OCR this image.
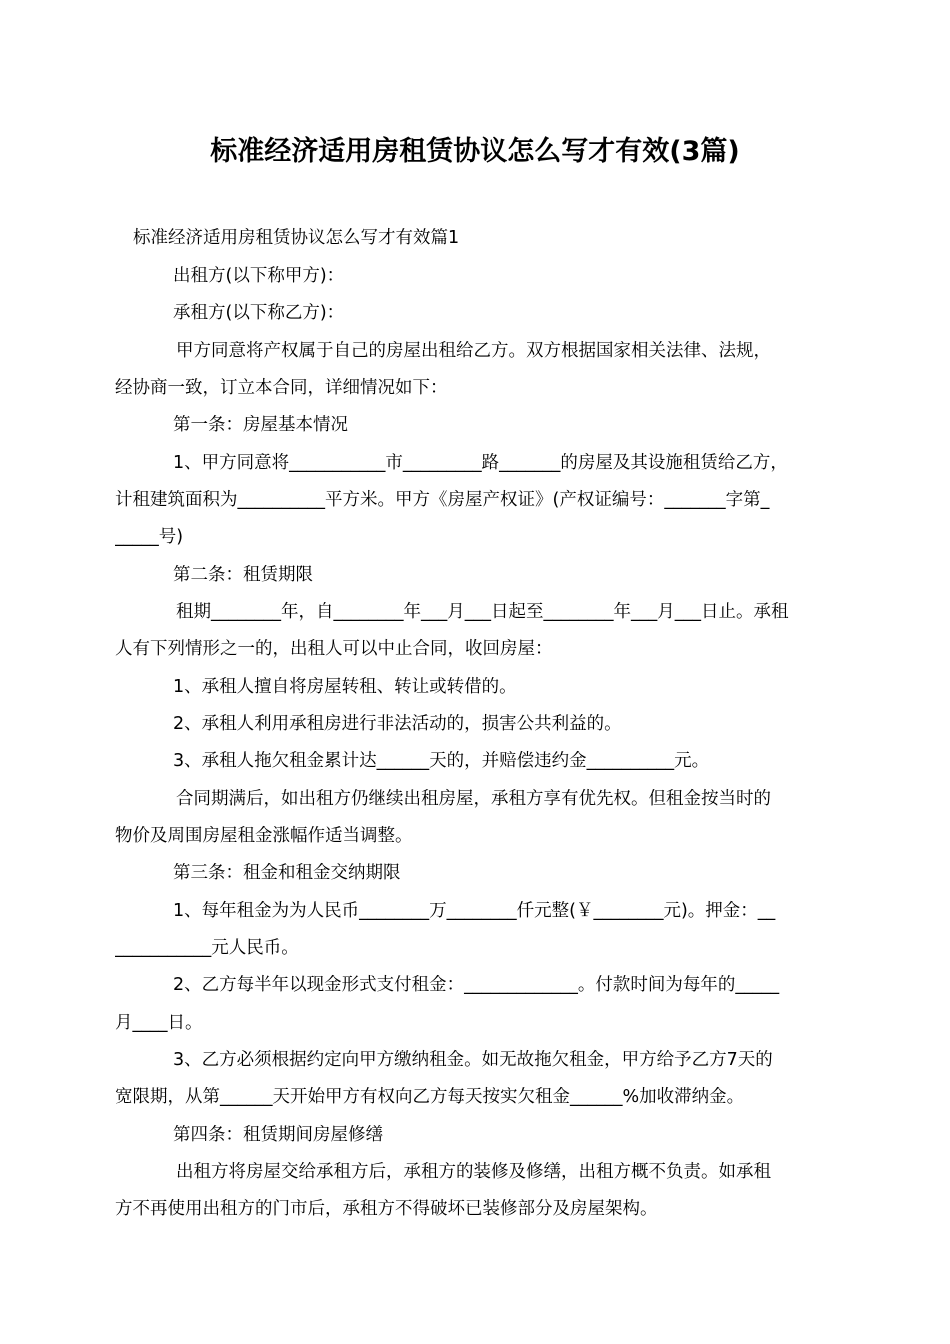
标准经济适用房租赁协议怎么写才有效(3篇)
标准经济适用房租赁协议怎么写才有效篇1
出租方(以下称甲方)：
承租方(以下称乙方)：
甲方同意将产权属于自己的房屋出租给乙方。双方根据国家相关法律、法规，
经协商一致，订立本合同，详细情况如下：
第一条：房屋基本情况
1、甲方同意将___________市_________路_______的房屋及其设施租赁给乙方，
计租建筑面积为__________平方米。甲方《房屋产权证》(产权证编号：_______字第_
_____号)
第二条：租赁期限
租期________年，自________年___月___日起至________年___月___日止。承租
人有下列情形之一的，出租人可以中止合同，收回房屋：
1、承租人擅自将房屋转租、转让或转借的。
2、承租人利用承租房进行非法活动的，损害公共利益的。
3、承租人拖欠租金累计达______天的，并赔偿违约金__________元。
合同期满后，如出租方仍继续出租房屋，承租方享有优先权。但租金按当时的
物价及周围房屋租金涨幅作适当调整。
第三条：租金和租金交纳期限
1、每年租金为为人民币________万________仟元整(￥________元)。押金：__
___________元人民币。
2、乙方每半年以现金形式支付租金：_____________。付款时间为每年的_____
月____日。
3、乙方必须根据约定向甲方缴纳租金。如无故拖欠租金，甲方给予乙方7天的
宽限期，从第______天开始甲方有权向乙方每天按实欠租金______%加收滞纳金。
第四条：租赁期间房屋修缮
出租方将房屋交给承租方后，承租方的装修及修缮，出租方概不负责。如承租
方不再使用出租方的门市后，承租方不得破坏已装修部分及房屋架构。
